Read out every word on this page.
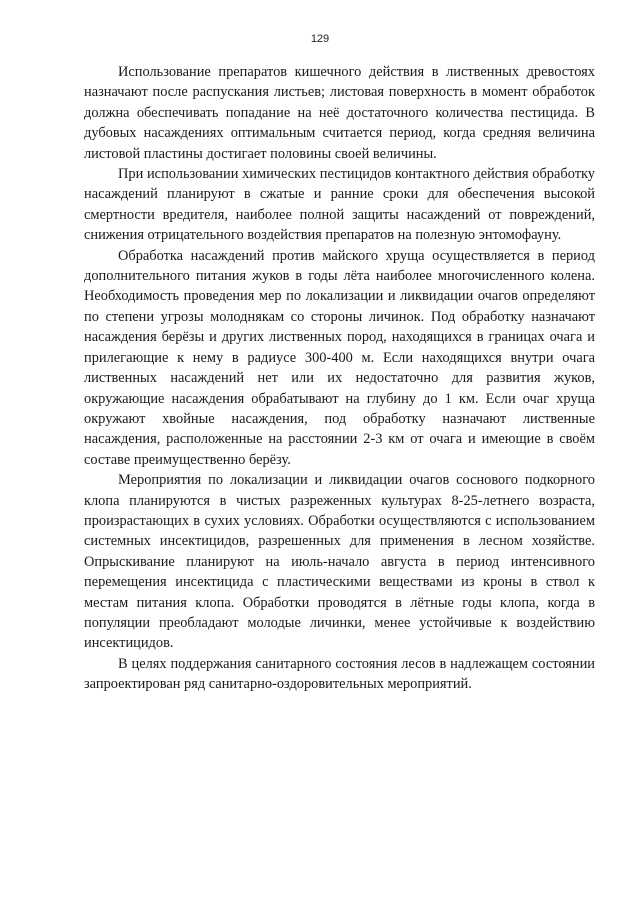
129

Использование препаратов кишечного действия в лиственных древостоях назначают после распускания листьев; листовая поверхность в момент обработок должна обеспечивать попадание на неё достаточного количества пестицида. В дубовых насаждениях оптимальным считается период, когда средняя величина листовой пластины достигает половины своей величины.

При использовании химических пестицидов контактного действия обработку насаждений планируют в сжатые и ранние сроки для обеспечения высокой смертности вредителя, наиболее полной защиты насаждений от повреждений, снижения отрицательного воздействия препаратов на полезную энтомофауну.

Обработка насаждений против майского хруща осуществляется в период дополнительного питания жуков в годы лёта наиболее многочисленного колена. Необходимость проведения мер по локализации и ликвидации очагов определяют по степени угрозы молоднякам со стороны личинок. Под обработку назначают насаждения берёзы и других лиственных пород, находящихся в границах очага и прилегающие к нему в радиусе 300-400 м. Если находящихся внутри очага лиственных насаждений нет или их недостаточно для развития жуков, окружающие насаждения обрабатывают на глубину до 1 км. Если очаг хруща окружают хвойные насаждения, под обработку назначают лиственные насаждения, расположенные на расстоянии 2-3 км от очага и имеющие в своём составе преимущественно берёзу.

Мероприятия по локализации и ликвидации очагов соснового подкорного клопа планируются в чистых разреженных культурах 8-25-летнего возраста, произрастающих в сухих условиях. Обработки осуществляются с использованием системных инсектицидов, разрешенных для применения в лесном хозяйстве. Опрыскивание планируют на июль-начало августа в период интенсивного перемещения инсектицида с пластическими веществами из кроны в ствол к местам питания клопа. Обработки проводятся в лётные годы клопа, когда в популяции преобладают молодые личинки, менее устойчивые к воздействию инсектицидов.

В целях поддержания санитарного состояния лесов в надлежащем состоянии запроектирован ряд санитарно-оздоровительных мероприятий.
